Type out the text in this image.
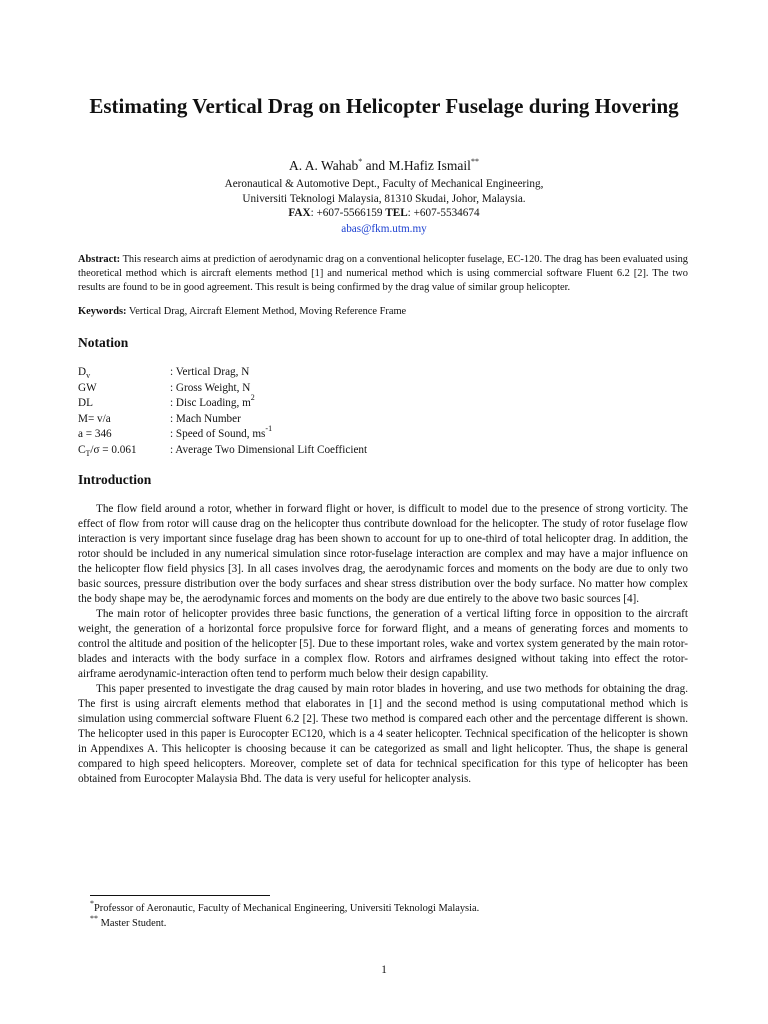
Estimating Vertical Drag on Helicopter Fuselage during Hovering

A. A. Wahab* and M.Hafiz Ismail**

Aeronautical & Automotive Dept., Faculty of Mechanical Engineering,
Universiti Teknologi Malaysia, 81310 Skudai, Johor, Malaysia.
FAX: +607-5566159 TEL: +607-5534674

abas@fkm.utm.my

Abstract: This research aims at prediction of aerodynamic drag on a conventional helicopter fuselage, EC-120. The drag has been evaluated using theoretical method which is aircraft elements method [1] and numerical method which is using commercial software Fluent 6.2 [2]. The two results are found to be in good agreement. This result is being confirmed by the drag value of similar group helicopter.

Keywords: Vertical Drag, Aircraft Element Method, Moving Reference Frame

Notation
$D_v$	: Vertical Drag, N
GW	: Gross Weight, N
DL	: Disc Loading, $m^2$
M= v/a	: Mach Number
a = 346	: Speed of Sound, $ms^{-1}$
$C_T/\sigma = 0.061$	: Average Two Dimensional Lift Coefficient
Introduction

The flow field around a rotor, whether in forward flight or hover, is difficult to model due to the presence of strong vorticity. The effect of flow from rotor will cause drag on the helicopter thus contribute download for the helicopter. The study of rotor fuselage flow interaction is very important since fuselage drag has been shown to account for up to one-third of total helicopter drag. In addition, the rotor should be included in any numerical simulation since rotor-fuselage interaction are complex and may have a major influence on the helicopter flow field physics [3]. In all cases involves drag, the aerodynamic forces and moments on the body are due to only two basic sources, pressure distribution over the body surfaces and shear stress distribution over the body surface. No matter how complex the body shape may be, the aerodynamic forces and moments on the body are due entirely to the above two basic sources [4].

The main rotor of helicopter provides three basic functions, the generation of a vertical lifting force in opposition to the aircraft weight, the generation of a horizontal force propulsive force for forward flight, and a means of generating forces and moments to control the altitude and position of the helicopter [5]. Due to these important roles, wake and vortex system generated by the main rotor-blades and interacts with the body surface in a complex flow. Rotors and airframes designed without taking into effect the rotor-airframe aerodynamic-interaction often tend to perform much below their design capability.

This paper presented to investigate the drag caused by main rotor blades in hovering, and use two methods for obtaining the drag. The first is using aircraft elements method that elaborates in [1] and the second method is using computational method which is simulation using commercial software Fluent 6.2 [2]. These two method is compared each other and the percentage different is shown. The helicopter used in this paper is Eurocopter EC120, which is a 4 seater helicopter. Technical specification of the helicopter is shown in Appendixes A. This helicopter is choosing because it can be categorized as small and light helicopter. Thus, the shape is general compared to high speed helicopters. Moreover, complete set of data for technical specification for this type of helicopter has been obtained from Eurocopter Malaysia Bhd. The data is very useful for helicopter analysis.

*Professor of Aeronautic, Faculty of Mechanical Engineering, Universiti Teknologi Malaysia.

** Master Student.

1
